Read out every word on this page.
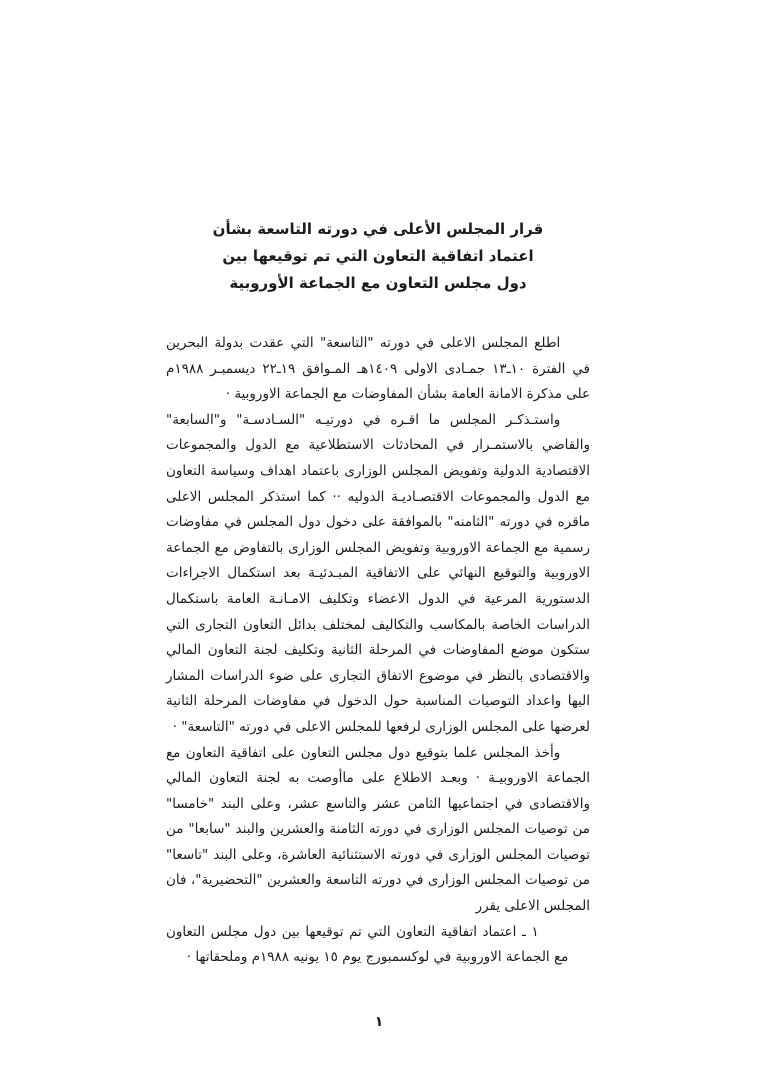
قرار المجلس الأعلى في دورته التاسعة بشأن
اعتماد اتفاقية التعاون التي تم توقيعها بين
دول مجلس التعاون مع الجماعة الأوروبية

اطلع المجلس الاعلى في دورته "التاسعة" التي عقدت بدولة البحرين في الفترة ١٠ـ١٣ جمـادى الاولى ١٤٠٩هـ المـوافق ١٩ـ٢٢ ديسمبـر ١٩٨٨م على مذكرة الامانة العامة بشأن المفاوضات مع الجماعة الاوروبية ·

واستـذكـر المجلس ما اقـره في دورتيـه "السـادسـة" و"السابعة" والقاضي بالاستمـرار في المحادثات الاستطلاعية مع الدول والمجموعات الاقتصادية الدولية وتفويض المجلس الوزارى باعتماد اهداف وسياسة التعاون مع الدول والمجموعات الاقتصـاديـة الدوليه ·· كما استذكر المجلس الاعلى ماقره في دورته "الثامنه" بالموافقة على دخول دول المجلس في مفاوضات رسمية مع الجماعة الاوروبية وتفويض المجلس الوزارى بالتفاوض مع الجماعة الاوروبية والتوقيع النهائي على الاتفاقية المبـدئيـة بعد استكمال الاجراءات الدستورية المرعية في الدول الاعضاء وتكليف الامـانـة العامة باستكمال الدراسات الخاصة بالمكاسب والتكاليف لمختلف بدائل التعاون التجارى التي ستكون موضع المفاوضات في المرحلة الثانية وتكليف لجنة التعاون المالي والاقتصادى بالنظر في موضوع الاتفاق التجارى على ضوء الدراسات المشار اليها واعداد التوصيات المناسبة حول الدخول في مفاوضات المرحلة الثانية لعرضها على المجلس الوزارى لرفعها للمجلس الاعلى في دورته "التاسعة" ·

وأخذ المجلس علما بتوقيع دول مجلس التعاون على اتفاقية التعاون مع الجماعة الاوروبيـة · وبعـد الاطلاع على ماأوصت به لجنة التعاون المالي والاقتصادى في اجتماعيها الثامن عشر والتاسع عشر، وعلى البند "خامسا" من توصيات المجلس الوزارى في دورته الثامنة والعشرين والبند "سابعا" من توصيات المجلس الوزارى في دورته الاستثنائية العاشرة، وعلى البند "تاسعا" من توصيات المجلس الوزارى في دورته التاسعة والعشرين "التحضيرية"، فان المجلس الاعلى يقرر

١ ـ اعتماد اتفاقية التعاون التي تم توقيعها بين دول مجلس التعاون مع الجماعة الاوروبية في لوكسمبورج يوم ١٥ يونيه ١٩٨٨م وملحقاتها ·

١
